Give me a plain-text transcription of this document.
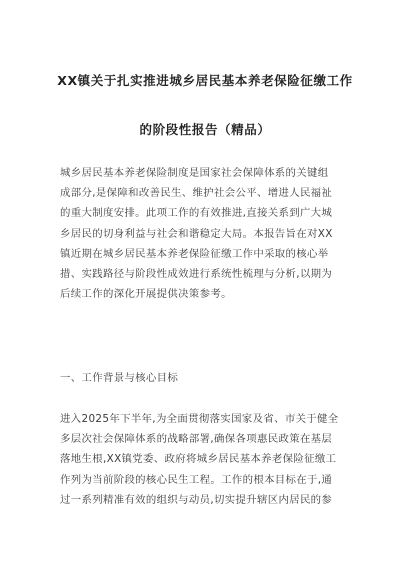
XX镇关于扎实推进城乡居民基本养老保险征缴工作
的阶段性报告（精品）
城乡居民基本养老保险制度是国家社会保障体系的关键组
成部分,是保障和改善民生、维护社会公平、增进人民福祉
的重大制度安排。此项工作的有效推进,直接关系到广大城
乡居民的切身利益与社会和谐稳定大局。本报告旨在对XX
镇近期在城乡居民基本养老保险征缴工作中采取的核心举
措、实践路径与阶段性成效进行系统性梳理与分析,以期为
后续工作的深化开展提供决策参考。
一、工作背景与核心目标
进入2025年下半年,为全面贯彻落实国家及省、市关于健全
多层次社会保障体系的战略部署,确保各项惠民政策在基层
落地生根,XX镇党委、政府将城乡居民基本养老保险征缴工
作列为当前阶段的核心民生工程。工作的根本目标在于,通
过一系列精准有效的组织与动员,切实提升辖区内居民的参
